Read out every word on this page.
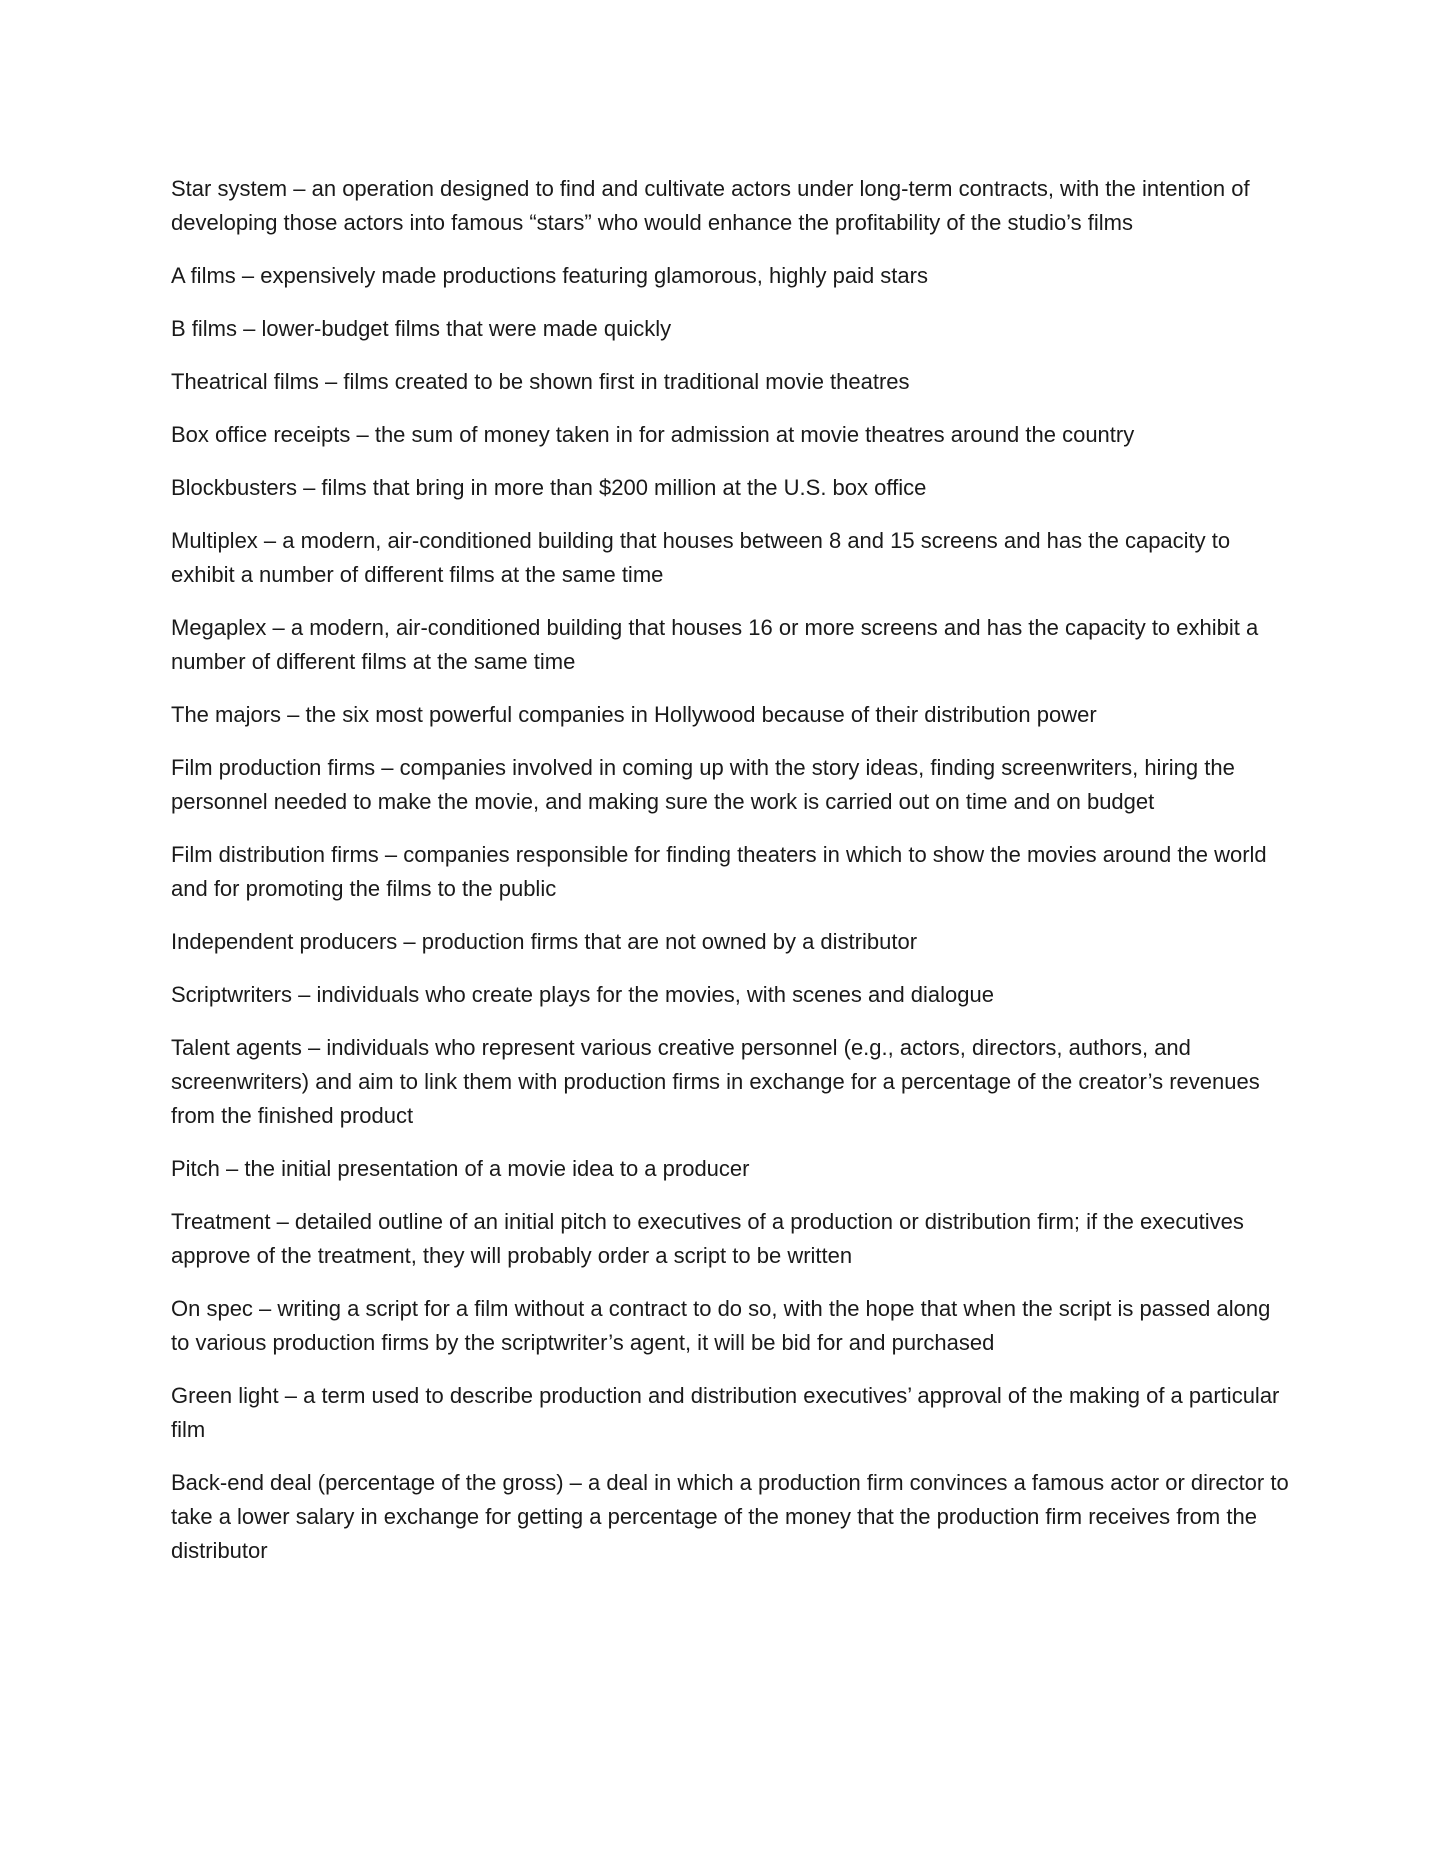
Star system – an operation designed to find and cultivate actors under long-term contracts, with the intention of developing those actors into famous “stars” who would enhance the profitability of the studio’s films

A films – expensively made productions featuring glamorous, highly paid stars

B films – lower-budget films that were made quickly

Theatrical films – films created to be shown first in traditional movie theatres

Box office receipts – the sum of money taken in for admission at movie theatres around the country

Blockbusters – films that bring in more than $200 million at the U.S. box office

Multiplex – a modern, air-conditioned building that houses between 8 and 15 screens and has the capacity to exhibit a number of different films at the same time

Megaplex – a modern, air-conditioned building that houses 16 or more screens and has the capacity to exhibit a number of different films at the same time

The majors – the six most powerful companies in Hollywood because of their distribution power

Film production firms – companies involved in coming up with the story ideas, finding screenwriters, hiring the personnel needed to make the movie, and making sure the work is carried out on time and on budget

Film distribution firms – companies responsible for finding theaters in which to show the movies around the world and for promoting the films to the public

Independent producers – production firms that are not owned by a distributor

Scriptwriters – individuals who create plays for the movies, with scenes and dialogue

Talent agents – individuals who represent various creative personnel (e.g., actors, directors, authors, and screenwriters) and aim to link them with production firms in exchange for a percentage of the creator’s revenues from the finished product

Pitch – the initial presentation of a movie idea to a producer

Treatment – detailed outline of an initial pitch to executives of a production or distribution firm; if the executives approve of the treatment, they will probably order a script to be written

On spec – writing a script for a film without a contract to do so, with the hope that when the script is passed along to various production firms by the scriptwriter’s agent, it will be bid for and purchased

Green light – a term used to describe production and distribution executives’ approval of the making of a particular film

Back-end deal (percentage of the gross) – a deal in which a production firm convinces a famous actor or director to take a lower salary in exchange for getting a percentage of the money that the production firm receives from the distributor
